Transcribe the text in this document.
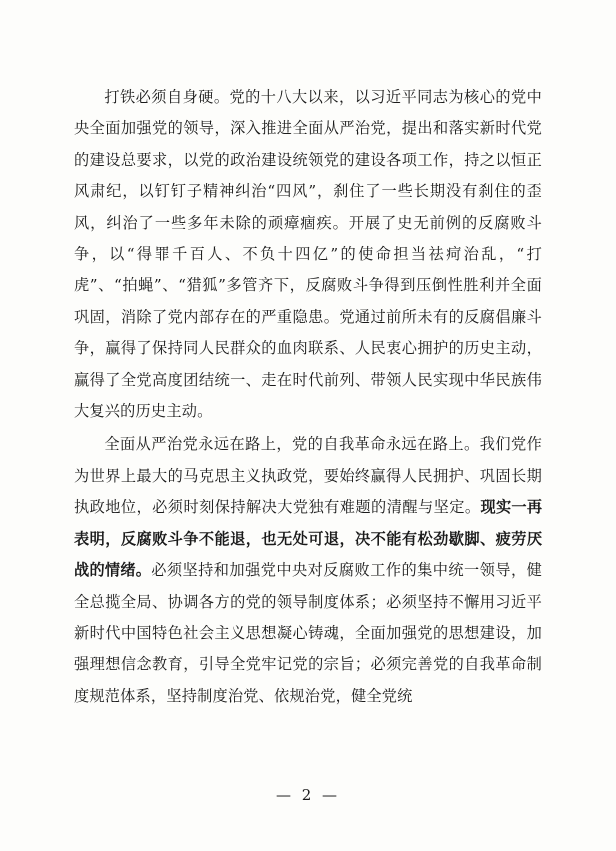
打铁必须自身硬。党的十八大以来，以习近平同志为核心的党中央全面加强党的领导，深入推进全面从严治党，提出和落实新时代党的建设总要求，以党的政治建设统领党的建设各项工作，持之以恒正风肃纪，以钉钉子精神纠治“四风”，刹住了一些长期没有刹住的歪风，纠治了一些多年未除的顽瘴痼疾。开展了史无前例的反腐败斗争，以“得罪千百人、不负十四亿”的使命担当祛疴治乱，“打虎”、“拍蝇”、“猎狐”多管齐下，反腐败斗争得到压倒性胜利并全面巩固，消除了党内部存在的严重隐患。党通过前所未有的反腐倡廉斗争，赢得了保持同人民群众的血肉联系、人民衷心拥护的历史主动，赢得了全党高度团结统一、走在时代前列、带领人民实现中华民族伟大复兴的历史主动。

全面从严治党永远在路上，党的自我革命永远在路上。我们党作为世界上最大的马克思主义执政党，要始终赢得人民拥护、巩固长期执政地位，必须时刻保持解决大党独有难题的清醒与坚定。现实一再表明，反腐败斗争不能退，也无处可退，决不能有松劲歇脚、疲劳厌战的情绪。必须坚持和加强党中央对反腐败工作的集中统一领导，健全总揽全局、协调各方的党的领导制度体系；必须坚持不懈用习近平新时代中国特色社会主义思想凝心铸魂，全面加强党的思想建设，加强理想信念教育，引导全党牢记党的宗旨；必须完善党的自我革命制度规范体系，坚持制度治党、依规治党，健全党统

— 2 —
